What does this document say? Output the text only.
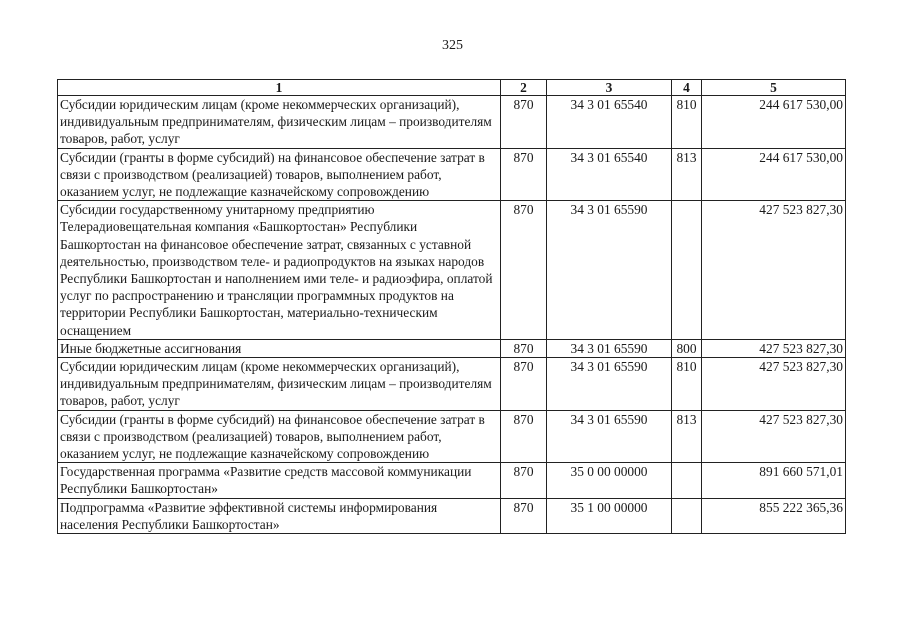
325
1	2	3	4	5
Субсидии юридическим лицам (кроме некоммерческих организаций), индивидуальным предпринимателям, физическим лицам – производителям товаров, работ, услуг	870	34 3 01 65540	810	244 617 530,00
Субсидии (гранты в форме субсидий) на финансовое обеспечение затрат в связи с производством (реализацией) товаров, выполнением работ, оказанием услуг, не подлежащие казначейскому сопровождению	870	34 3 01 65540	813	244 617 530,00
Субсидии государственному унитарному предприятию Телерадиовещательная компания «Башкортостан» Республики Башкортостан на финансовое обеспечение затрат, связанных с уставной деятельностью, производством теле- и радиопродуктов на языках народов Республики Башкортостан и наполнением ими теле- и радиоэфира, оплатой услуг по распространению и трансляции программных продуктов на территории Республики Башкортостан, материально-техническим оснащением	870	34 3 01 65590		427 523 827,30
Иные бюджетные ассигнования	870	34 3 01 65590	800	427 523 827,30
Субсидии юридическим лицам (кроме некоммерческих организаций), индивидуальным предпринимателям, физическим лицам – производителям товаров, работ, услуг	870	34 3 01 65590	810	427 523 827,30
Субсидии (гранты в форме субсидий) на финансовое обеспечение затрат в связи с производством (реализацией) товаров, выполнением работ, оказанием услуг, не подлежащие казначейскому сопровождению	870	34 3 01 65590	813	427 523 827,30
Государственная программа «Развитие средств массовой коммуникации Республики Башкортостан»	870	35 0 00 00000		891 660 571,01
Подпрограмма «Развитие эффективной системы информирования населения Республики Башкортостан»	870	35 1 00 00000		855 222 365,36
